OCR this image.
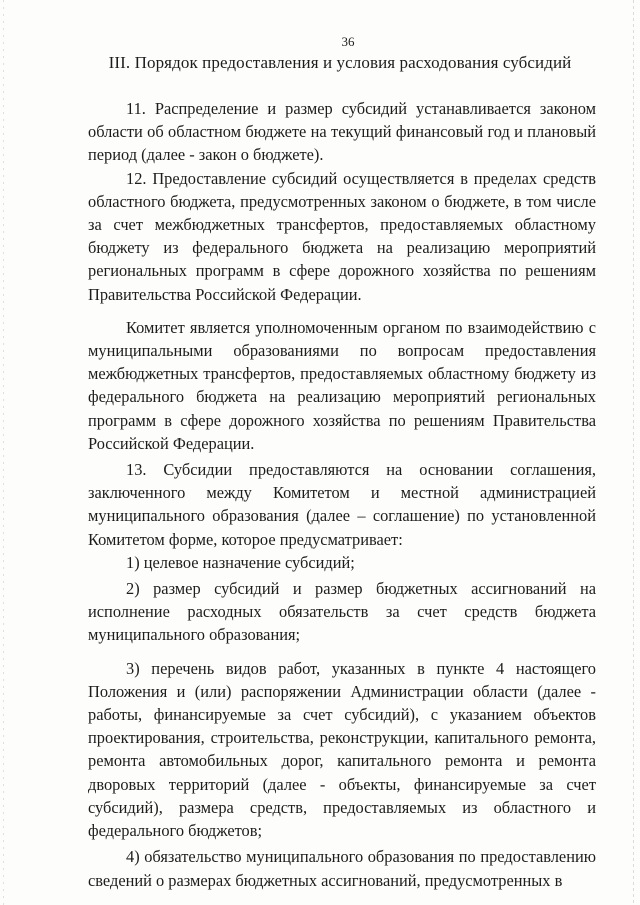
36
III. Порядок предоставления и условия расходования субсидий

11. Распределение и размер субсидий устанавливается законом области об областном бюджете на текущий финансовый год и плановый период (далее - закон о бюджете).

12. Предоставление субсидий осуществляется в пределах средств областного бюджета, предусмотренных законом о бюджете, в том числе за счет межбюджетных трансфертов, предоставляемых областному бюджету из федерального бюджета на реализацию мероприятий региональных программ в сфере дорожного хозяйства по решениям Правительства Российской Федерации.

Комитет является уполномоченным органом по взаимодействию с муниципальными образованиями по вопросам предоставления межбюджетных трансфертов, предоставляемых областному бюджету из федерального бюджета на реализацию мероприятий региональных программ в сфере дорожного хозяйства по решениям Правительства Российской Федерации.

13. Субсидии предоставляются на основании соглашения, заключенного между Комитетом и местной администрацией муниципального образования (далее – соглашение) по установленной Комитетом форме, которое предусматривает:

1) целевое назначение субсидий;

2) размер субсидий и размер бюджетных ассигнований на исполнение расходных обязательств за счет средств бюджета муниципального образования;

3) перечень видов работ, указанных в пункте 4 настоящего Положения и (или) распоряжении Администрации области (далее - работы, финансируемые за счет субсидий), с указанием объектов проектирования, строительства, реконструкции, капитального ремонта, ремонта автомобильных дорог, капитального ремонта и ремонта дворовых территорий (далее - объекты, финансируемые за счет субсидий), размера средств, предоставляемых из областного и федерального бюджетов;

4) обязательство муниципального образования по предоставлению сведений о размерах бюджетных ассигнований, предусмотренных в
